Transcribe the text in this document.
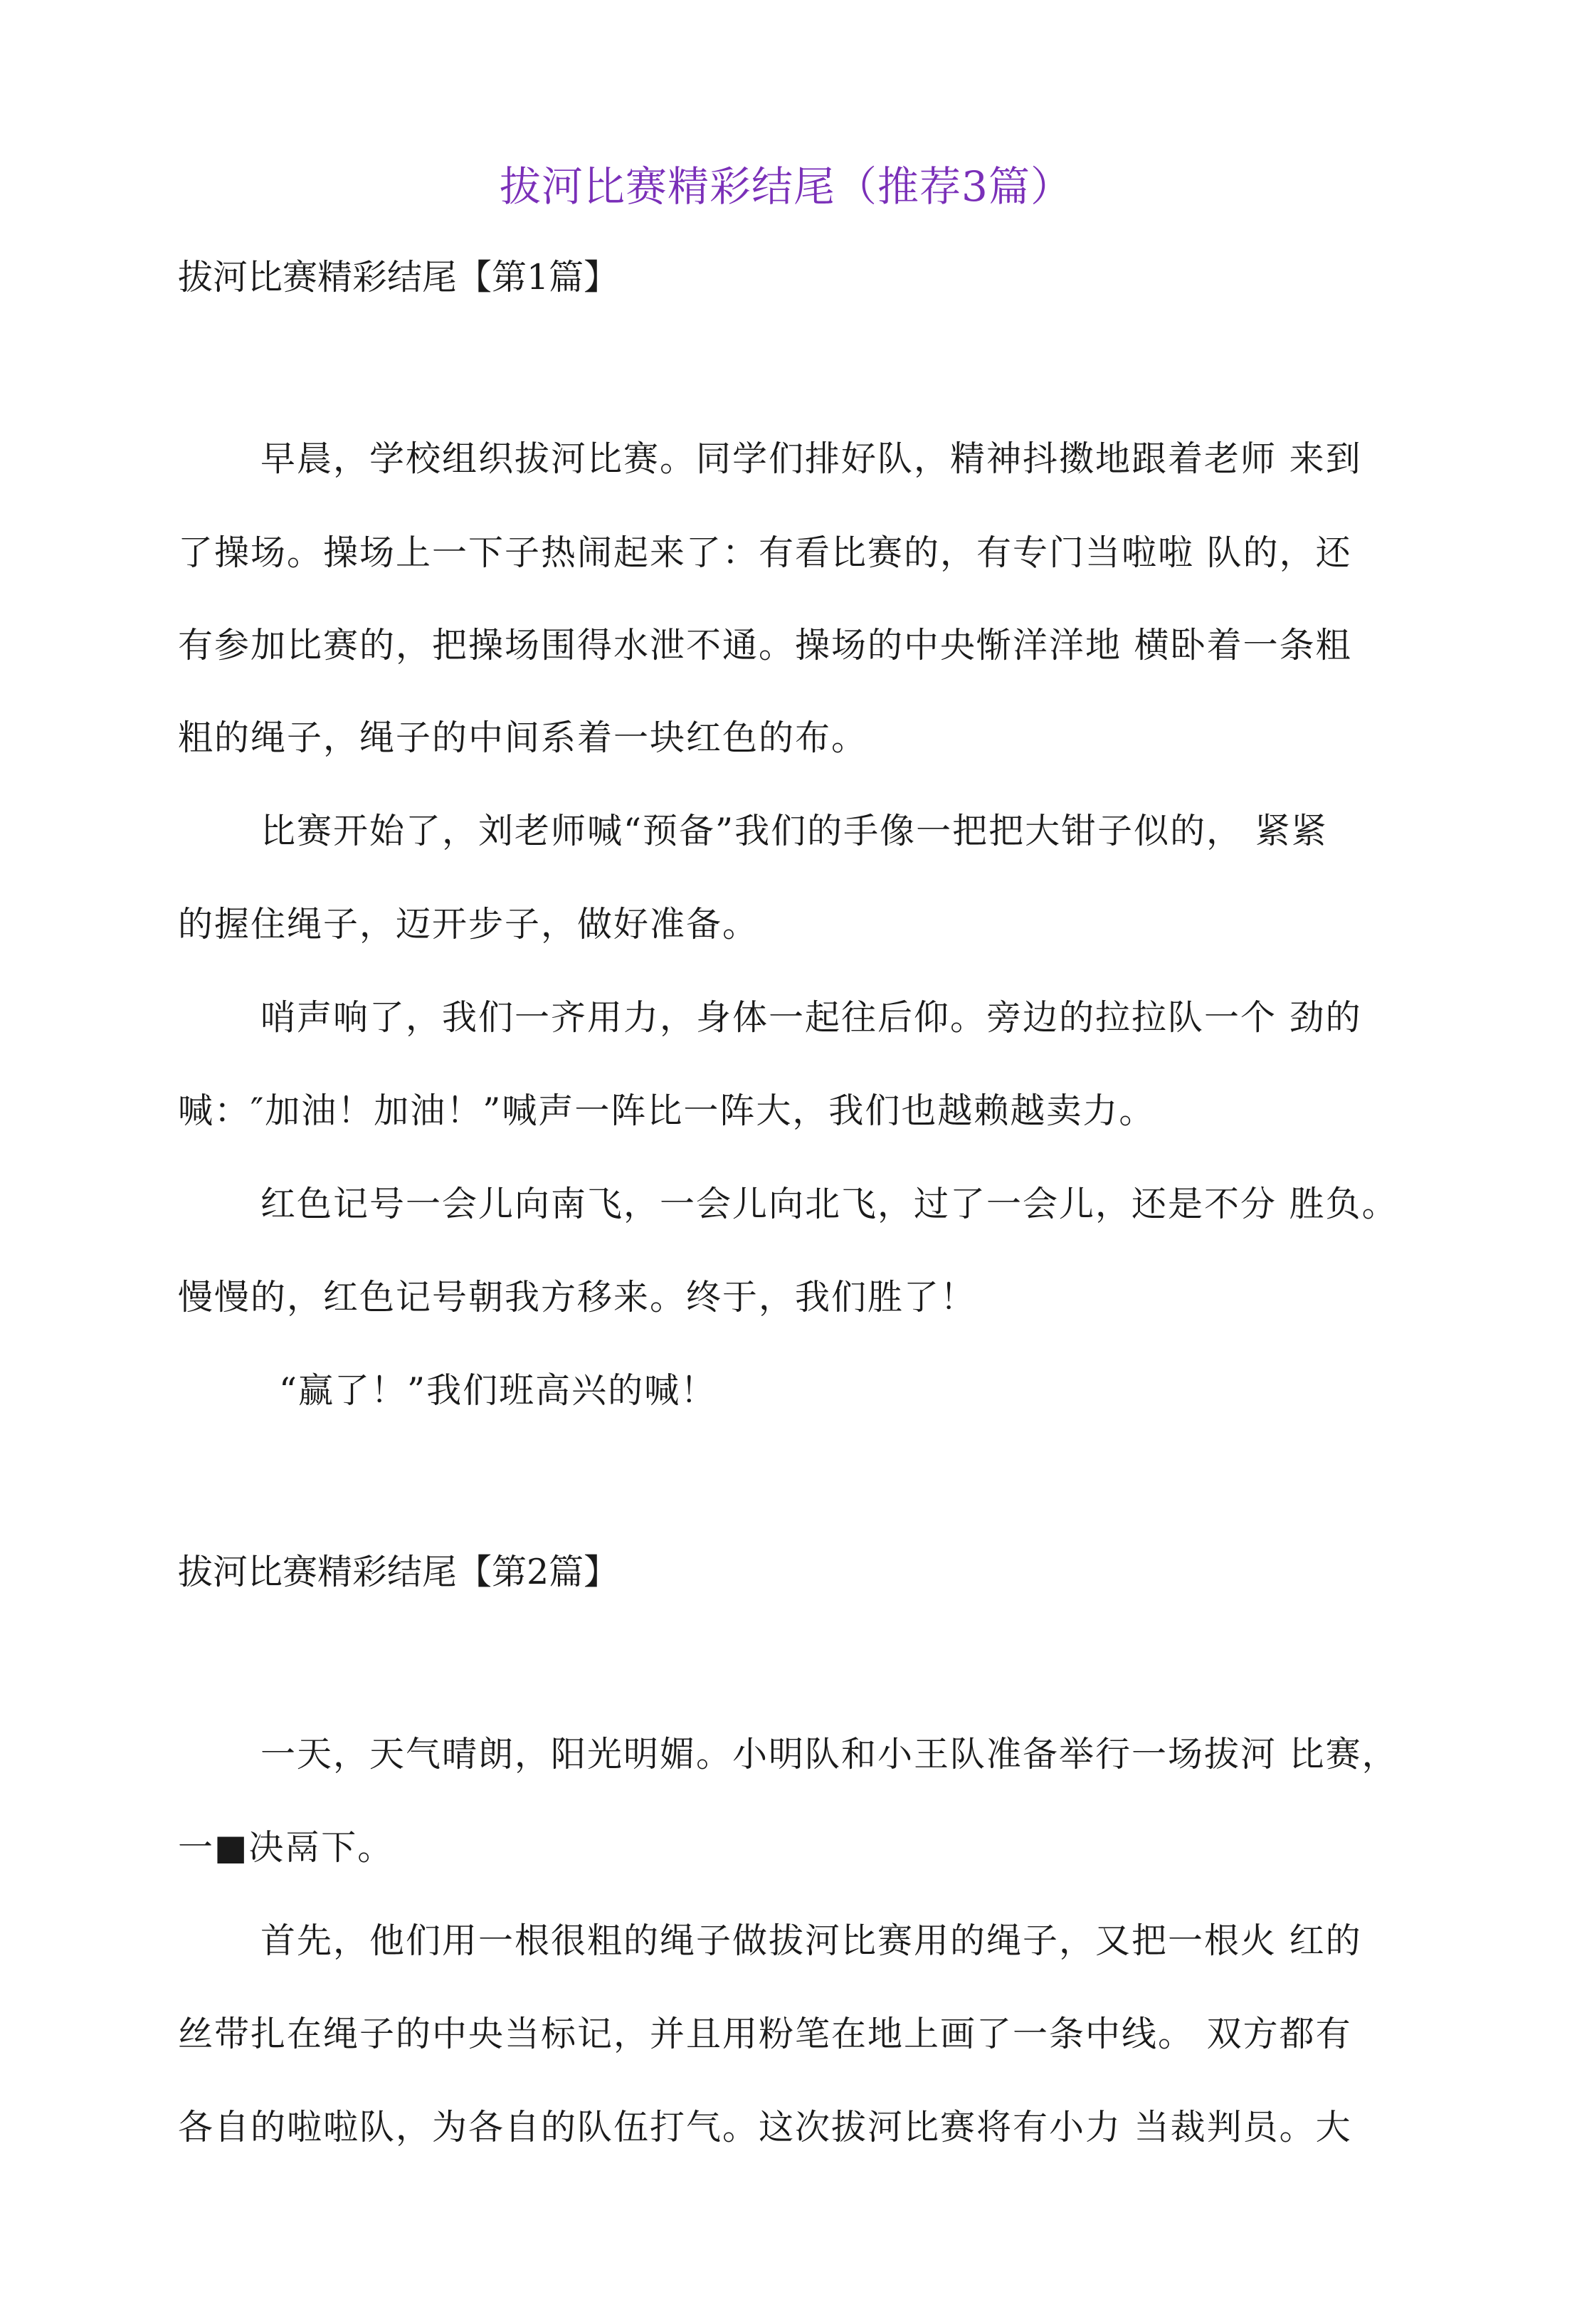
拔河比赛精彩结尾（推荐3篇）
拔河比赛精彩结尾【第1篇】

早晨，学校组织拔河比赛。同学们排好队，精神抖擞地跟着老师 来到

了操场。操场上一下子热闹起来了：有看比赛的，有专门当啦啦 队的，还

有参加比赛的，把操场围得水泄不通。操场的中央惭洋洋地 横卧着一条粗

粗的绳子，绳子的中间系着一块红色的布。

比赛开始了，刘老师喊“预备”我们的手像一把把大钳子似的， 紧紧

的握住绳子，迈开步子，做好准备。

哨声响了，我们一齐用力，身体一起往后仰。旁边的拉拉队一个 劲的

喊：″加油！加油！”喊声一阵比一阵大，我们也越赖越卖力。

红色记号一会儿向南飞，一会儿向北飞，过了一会儿，还是不分 胜负。

慢慢的，红色记号朝我方移来。终于，我们胜了！

“赢了！”我们班高兴的喊！

拔河比赛精彩结尾【第2篇】

一天，天气晴朗，阳光明媚。小明队和小王队准备举行一场拔河 比赛，

一■决鬲下。

首先，他们用一根很粗的绳子做拔河比赛用的绳子，又把一根火 红的

丝带扎在绳子的中央当标记，并且用粉笔在地上画了一条中线。 双方都有

各自的啦啦队，为各自的队伍打气。这次拔河比赛将有小力 当裁判员。大
